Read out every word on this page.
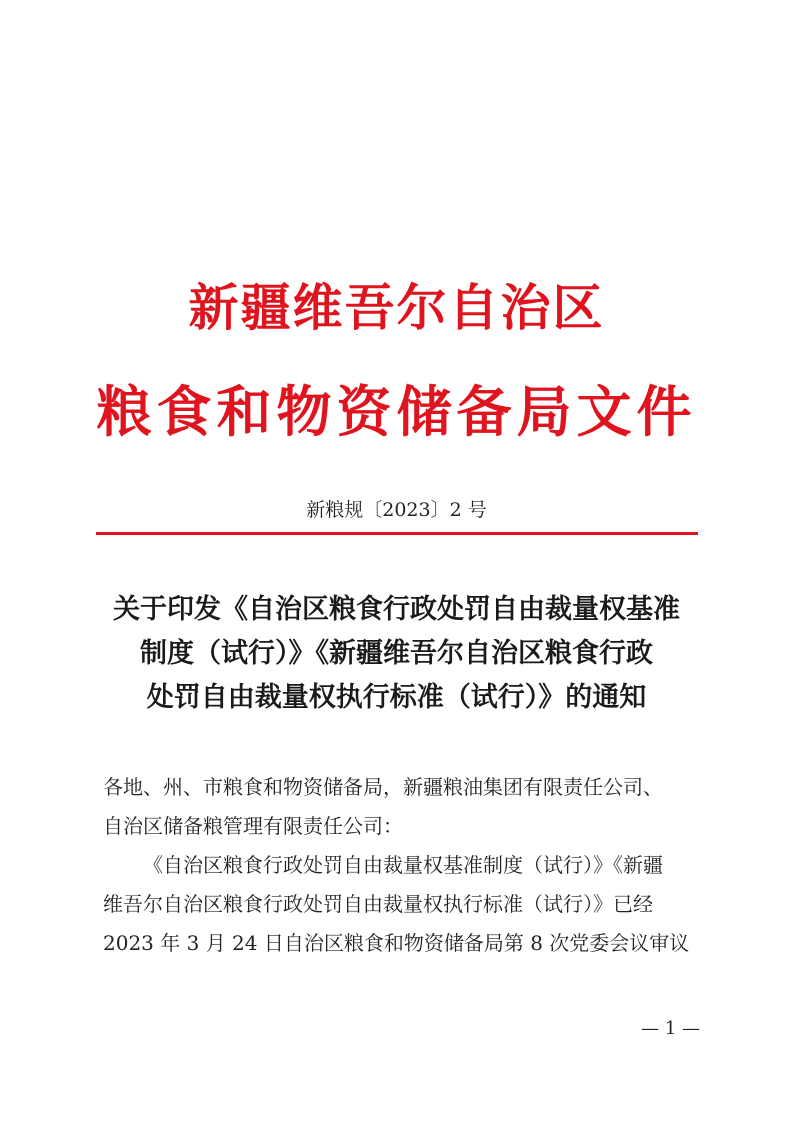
新疆维吾尔自治区
粮食和物资储备局文件
新粮规〔2023〕2 号
关于印发《自治区粮食行政处罚自由裁量权基准
制度（试行）》《新疆维吾尔自治区粮食行政
处罚自由裁量权执行标准（试行）》的通知
各地、州、市粮食和物资储备局，新疆粮油集团有限责任公司、
自治区储备粮管理有限责任公司：
《自治区粮食行政处罚自由裁量权基准制度（试行）》《新疆
维吾尔自治区粮食行政处罚自由裁量权执行标准（试行）》已经
2023 年 3 月 24 日自治区粮食和物资储备局第 8 次党委会议审议
— 1 —
